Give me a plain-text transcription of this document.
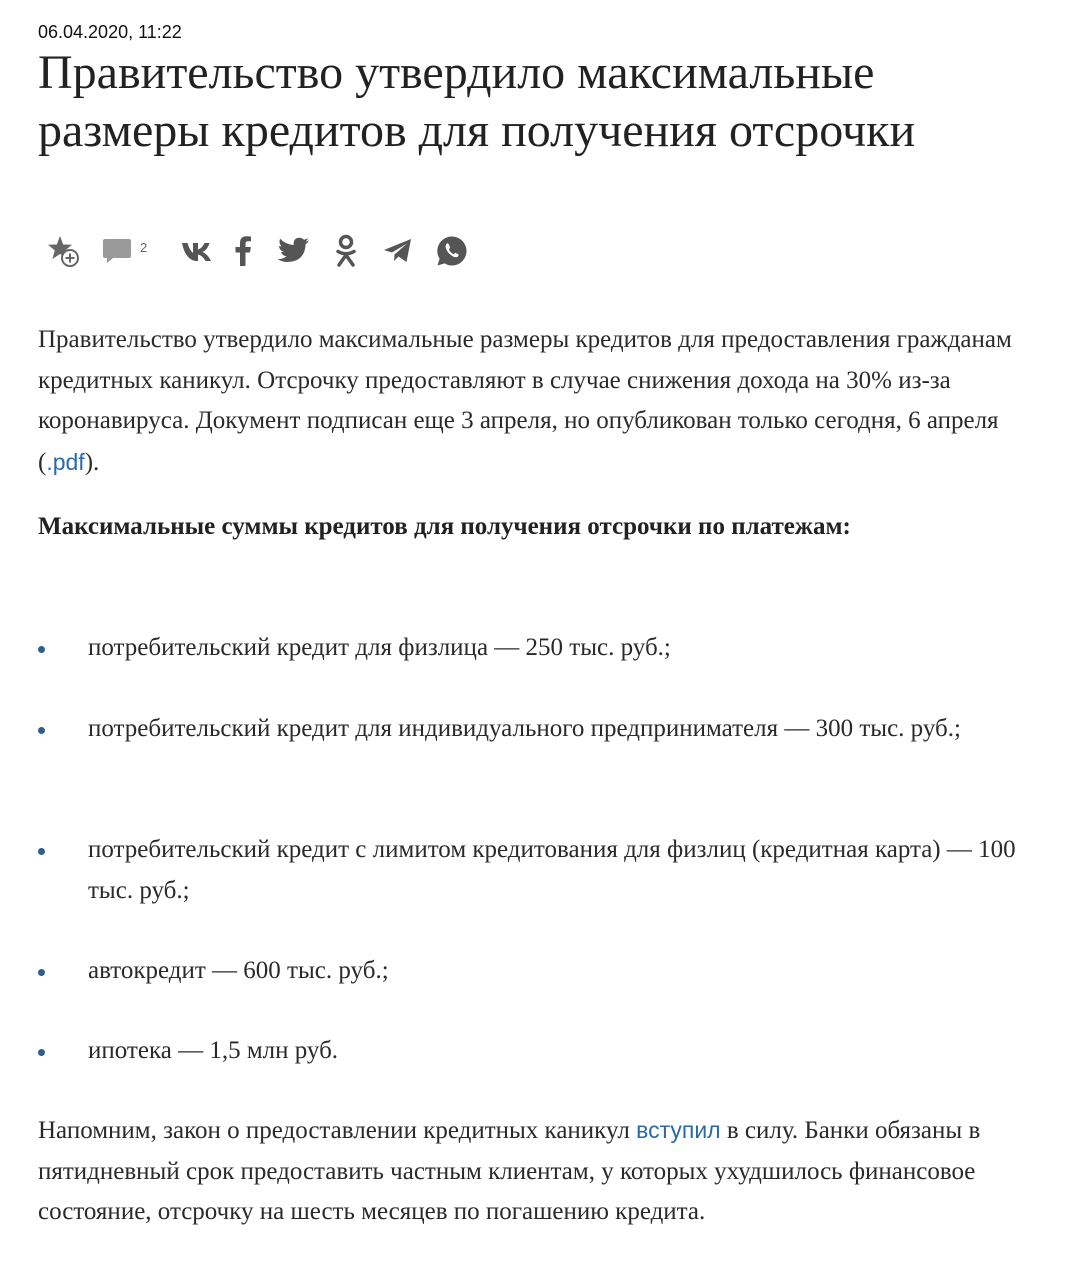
06.04.2020, 11:22
Правительство утвердило максимальные размеры кредитов для получения отсрочки
2

Правительство утвердило максимальные размеры кредитов для предоставления гражданам кредитных каникул. Отсрочку предоставляют в случае снижения дохода на 30% из-за коронавируса. Документ подписан еще 3 апреля, но опубликован только сегодня, 6 апреля (.pdf).

Максимальные суммы кредитов для получения отсрочки по платежам:

потребительский кредит для физлица — 250 тыс. руб.;
потребительский кредит для индивидуального предпринимателя — 300 тыс. руб.;
потребительский кредит с лимитом кредитования для физлиц (кредитная карта) — 100 тыс. руб.;
автокредит — 600 тыс. руб.;
ипотека — 1,5 млн руб.

Напомним, закон о предоставлении кредитных каникул вступил в силу. Банки обязаны в пятидневный срок предоставить частным клиентам, у которых ухудшилось финансовое состояние, отсрочку на шесть месяцев по погашению кредита.
